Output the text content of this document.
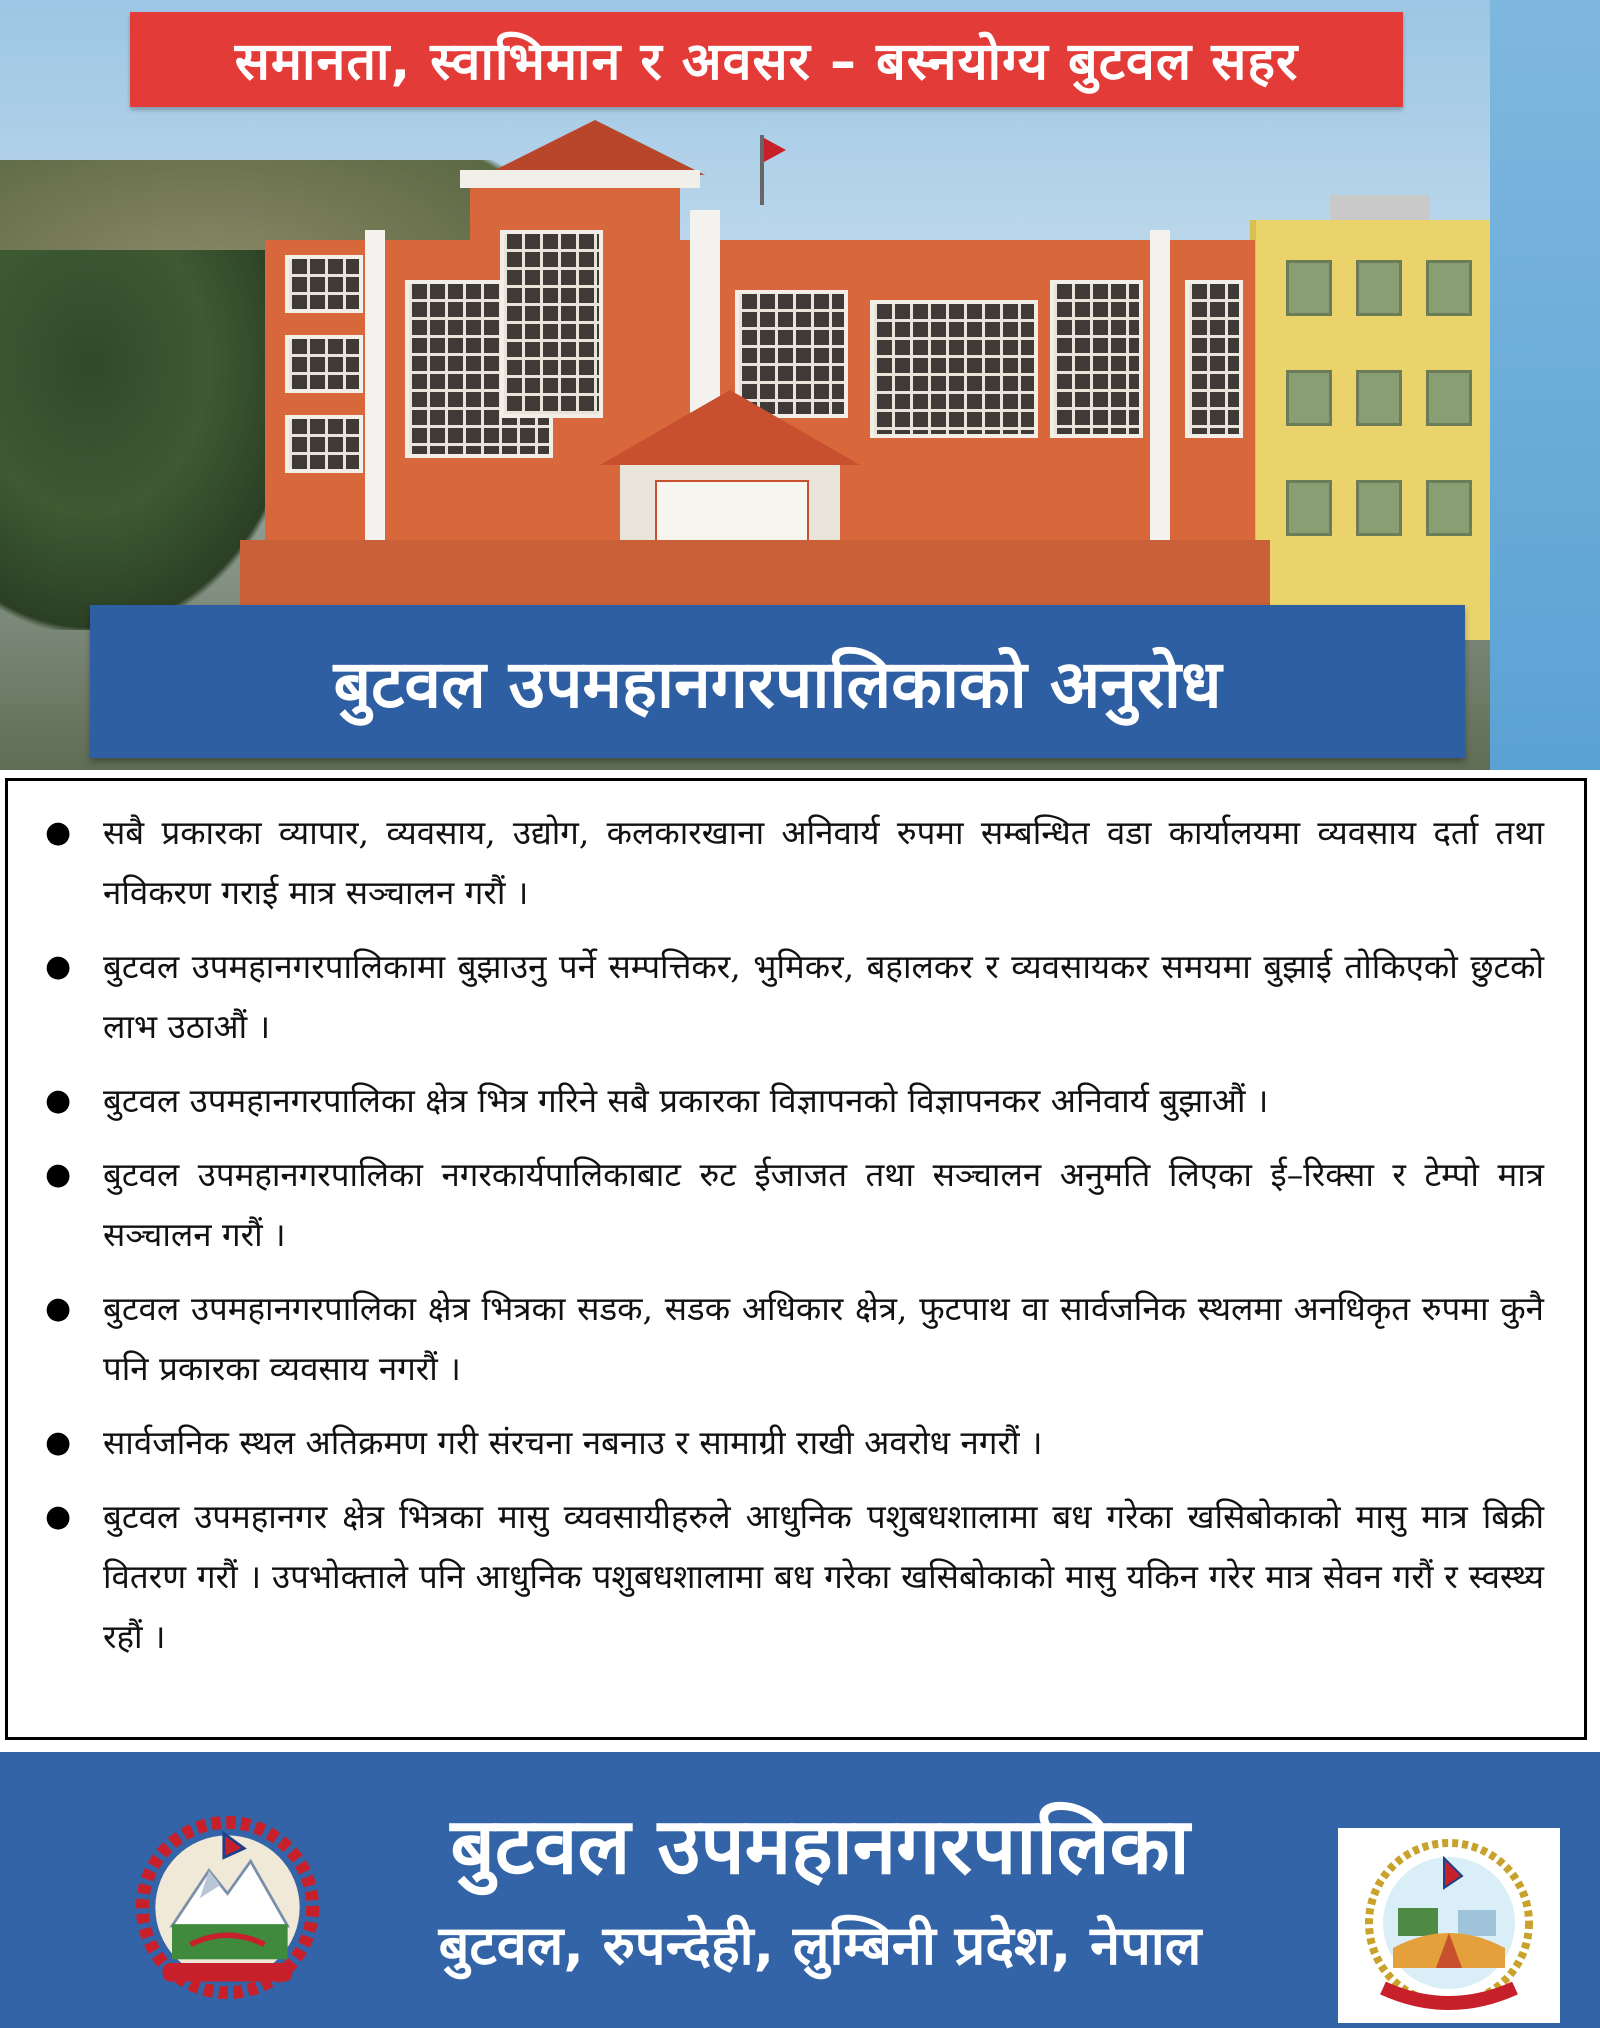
समानता, स्वाभिमान र अवसर – बस्नयोग्य बुटवल सहर
बुटवल उपमहानगरपालिकाको अनुरोध
● सबै प्रकारका व्यापार, व्यवसाय, उद्योग, कलकारखाना अनिवार्य रुपमा सम्बन्धित वडा कार्यालयमा व्यवसाय दर्ता तथा नविकरण गराई मात्र सञ्चालन गरौं ।
● बुटवल उपमहानगरपालिकामा बुझाउनु पर्ने सम्पत्तिकर, भुमिकर, बहालकर र व्यवसायकर समयमा बुझाई तोकिएको छुटको लाभ उठाऔं ।
● बुटवल उपमहानगरपालिका क्षेत्र भित्र गरिने सबै प्रकारका विज्ञापनको विज्ञापनकर अनिवार्य बुझाऔं ।
● बुटवल उपमहानगरपालिका नगरकार्यपालिकाबाट रुट ईजाजत तथा सञ्चालन अनुमति लिएका ई–रिक्सा र टेम्पो मात्र सञ्चालन गरौं ।
● बुटवल उपमहानगरपालिका क्षेत्र भित्रका सडक, सडक अधिकार क्षेत्र, फुटपाथ वा सार्वजनिक स्थलमा अनधिकृत रुपमा कुनै पनि प्रकारका व्यवसाय नगरौं ।
● सार्वजनिक स्थल अतिक्रमण गरी संरचना नबनाउ र सामाग्री राखी अवरोध नगरौं ।
● बुटवल उपमहानगर क्षेत्र भित्रका मासु व्यवसायीहरुले आधुनिक पशुबधशालामा बध गरेका खसिबोकाको मासु मात्र बिक्री वितरण गरौं । उपभोक्ताले पनि आधुनिक पशुबधशालामा बध गरेका खसिबोकाको मासु यकिन गरेर मात्र सेवन गरौं र स्वस्थ्य रहौं ।
बुटवल उपमहानगरपालिका
बुटवल, रुपन्देही, लुम्बिनी प्रदेश, नेपाल
